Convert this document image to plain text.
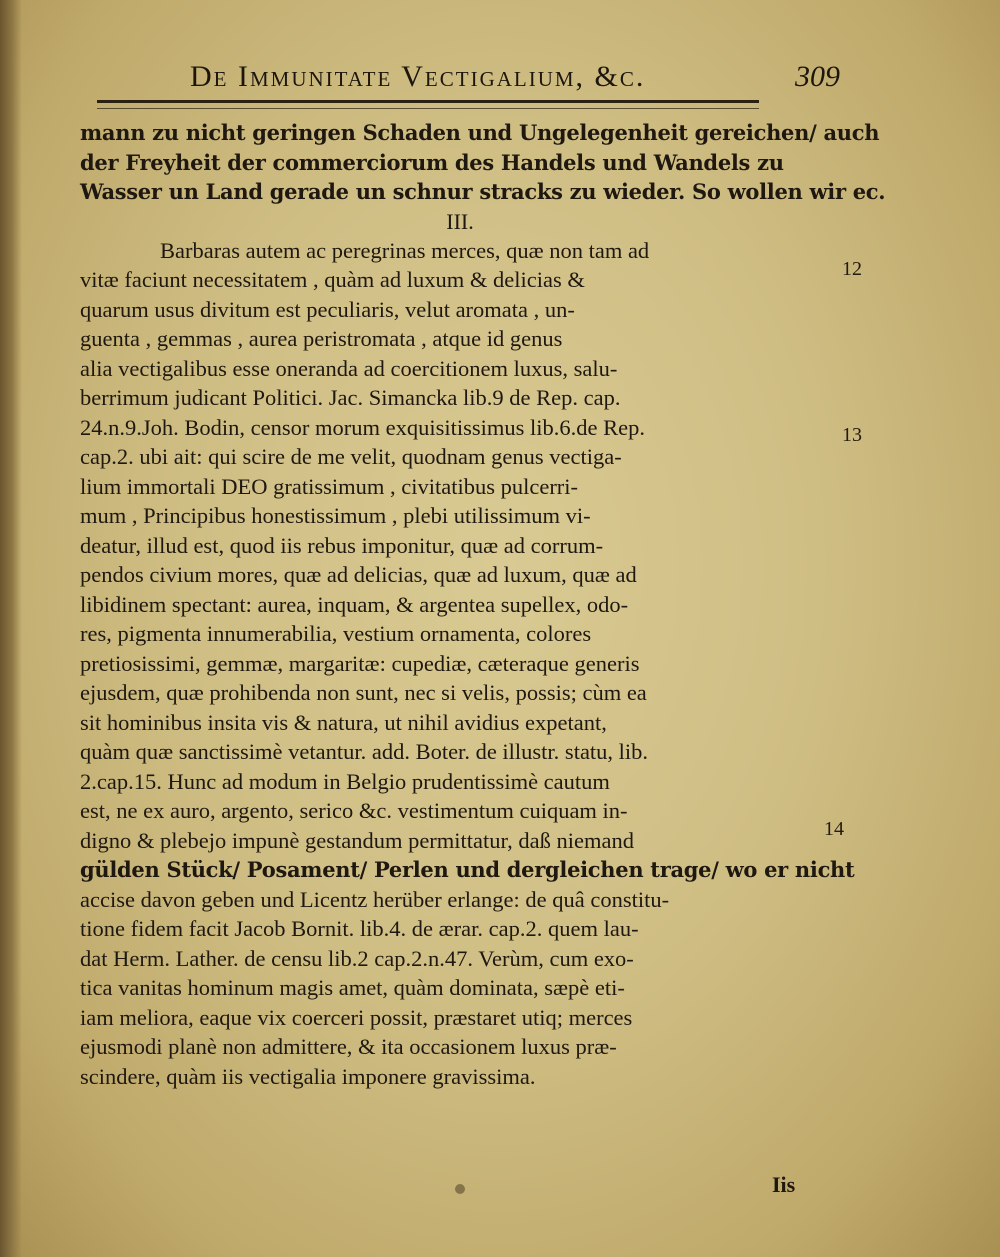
De Immunitate Vectigalium, &c.	309
mann zu nicht geringen Schaden und Ungelegenheit gereichen/ auch
der Freyheit der commerciorum des Handels und Wandels zu
Wasser un Land gerade un schnur stracks zu wieder. So wollen wir ec.
III.
Barbaras autem ac peregrinas merces, quæ non tam ad
vitæ faciunt necessitatem , quàm ad luxum & delicias &
quarum usus divitum est peculiaris, velut aromata , un-
guenta , gemmas , aurea peristromata , atque id genus
alia vectigalibus esse oneranda ad coercitionem luxus, salu-
berrimum judicant Politici. Jac. Simancka lib.9 de Rep. cap.
24.n.9.Joh. Bodin, censor morum exquisitissimus lib.6.de Rep.
cap.2. ubi ait: qui scire de me velit, quodnam genus vectiga-
lium immortali DEO gratissimum , civitatibus pulcerri-
mum , Principibus honestissimum , plebi utilissimum vi-
deatur, illud est, quod iis rebus imponitur, quæ ad corrum-
pendos civium mores, quæ ad delicias, quæ ad luxum, quæ ad
libidinem spectant: aurea, inquam, & argentea supellex, odo-
res, pigmenta innumerabilia, vestium ornamenta, colores
pretiosissimi, gemmæ, margaritæ: cupediæ, cæteraque generis
ejusdem, quæ prohibenda non sunt, nec si velis, possis; cùm ea
sit hominibus insita vis & natura, ut nihil avidius expetant,
quàm quæ sanctissimè vetantur. add. Boter. de illustr. statu, lib.
2.cap.15. Hunc ad modum in Belgio prudentissimè cautum
est, ne ex auro, argento, serico &c. vestimentum cuiquam in-
digno & plebejo impunè gestandum permittatur, daß niemand
gülden Stück/ Posament/ Perlen und dergleichen trage/ wo er nicht
accise davon geben und Licentz herüber erlange: de quâ constitu-
tione fidem facit Jacob Bornit. lib.4. de ærar. cap.2. quem lau-
dat Herm. Lather. de censu lib.2 cap.2.n.47. Verùm, cum exo-
tica vanitas hominum magis amet, quàm dominata, sæpè eti-
iam meliora, eaque vix coerceri possit, præstaret utiq; merces
ejusmodi planè non admittere, & ita occasionem luxus præ-
scindere, quàm iis vectigalia imponere gravissima.
12
13
14
Iis
